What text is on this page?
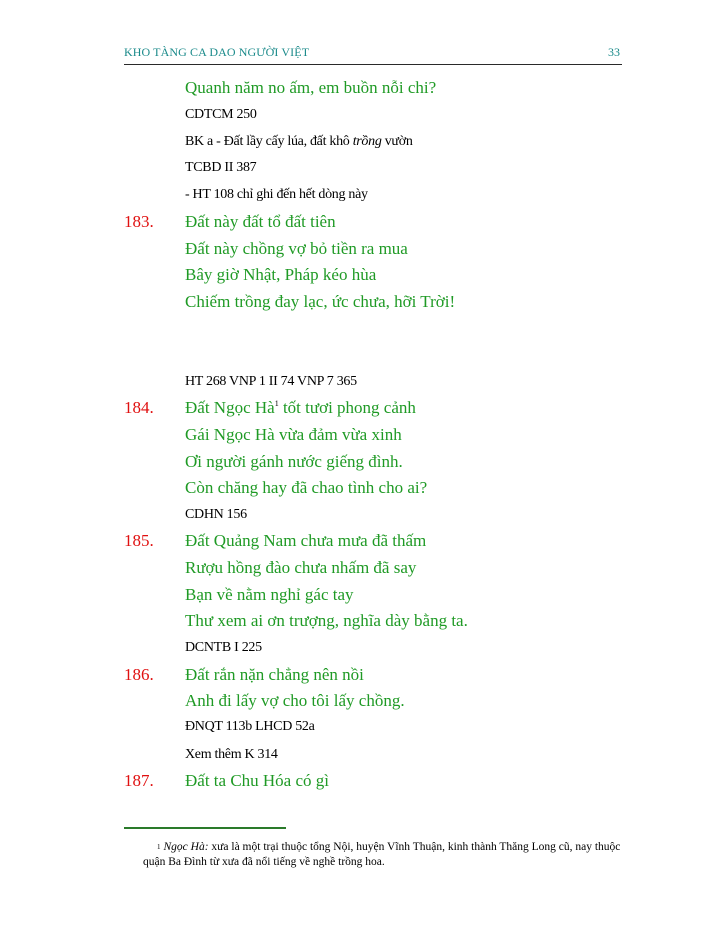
KHO TÀNG CA DAO NGƯỜI VIỆT	33
Quanh năm no ấm, em buồn nỗi chi?
CDTCM 250
BK a - Đất lầy cấy lúa, đất khô trồng vườn
TCBD II 387
- HT 108 chỉ ghi đến hết dòng này
183. Đất này đất tổ đất tiên
Đất này chồng vợ bỏ tiền ra mua
Bây giờ Nhật, Pháp kéo hùa
Chiếm trồng đay lạc, ức chưa, hỡi Trời!
HT 268 VNP 1 II 74 VNP 7 365
184. Đất Ngọc Hà$^1$ tốt tươi phong cảnh
Gái Ngọc Hà vừa đảm vừa xinh
Ơi người gánh nước giếng đình.
Còn chăng hay đã chao tình cho ai?
CDHN 156
185. Đất Quảng Nam chưa mưa đã thấm
Rượu hồng đào chưa nhấm đã say
Bạn về nằm nghỉ gác tay
Thư xem ai ơn trượng, nghĩa dày bằng ta.
DCNTB I 225
186. Đất rắn nặn chẳng nên nồi
Anh đi lấy vợ cho tôi lấy chồng.
ĐNQT 113b LHCD 52a
Xem thêm K 314
187. Đất ta Chu Hóa có gì
$^1$ Ngọc Hà: xưa là một trại thuộc tổng Nội, huyện Vĩnh Thuận, kinh thành Thăng Long cũ, nay thuộc quận Ba Đình từ xưa đã nổi tiếng về nghề trồng hoa.
